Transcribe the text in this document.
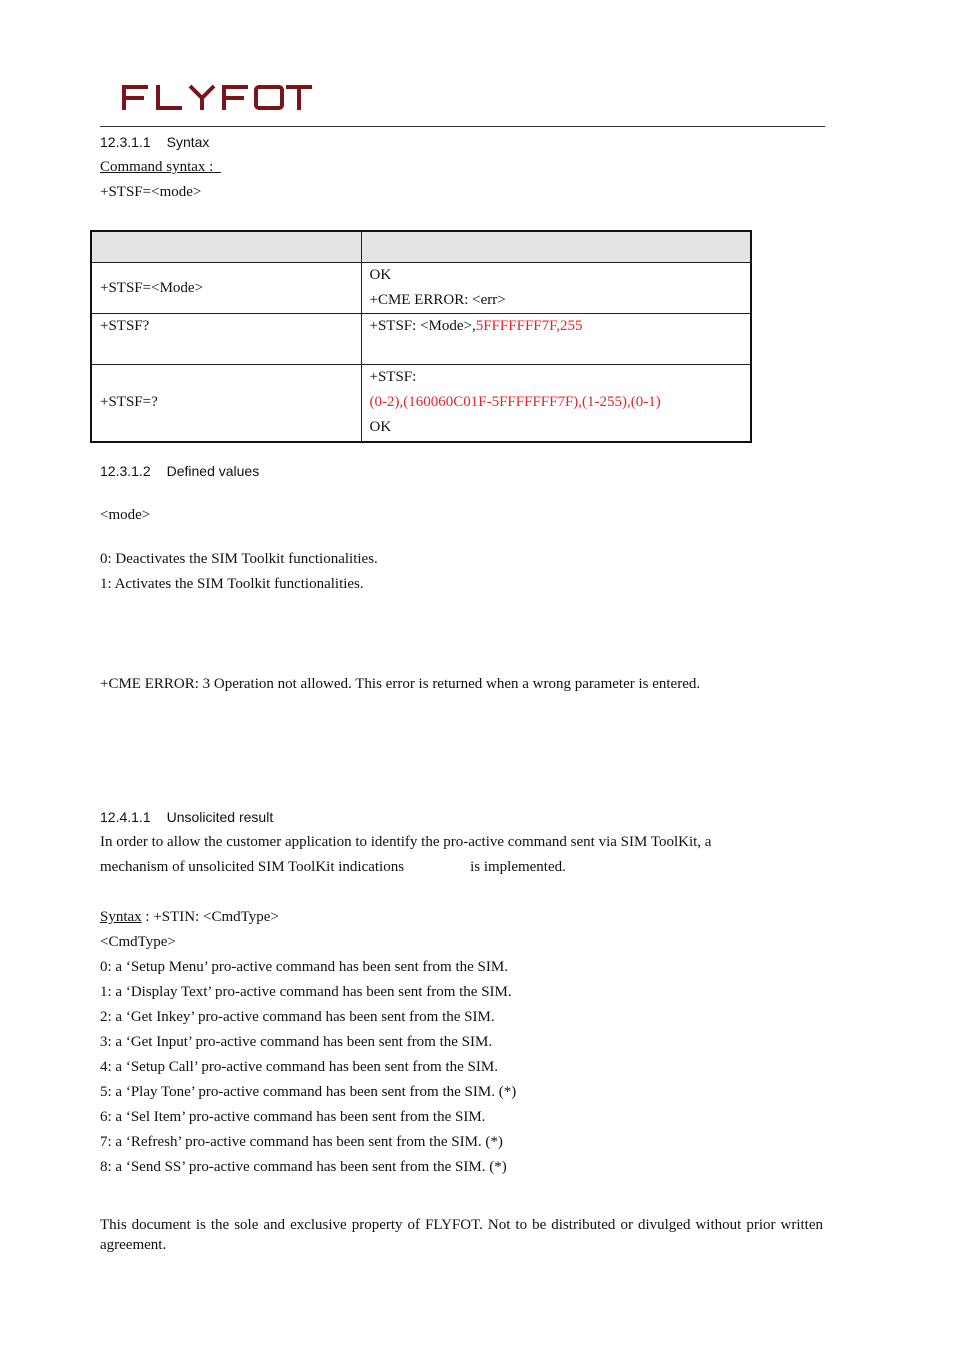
12.3.1.1 Syntax
Command syntax :
+STSF=<mode>

+STSF=<Mode>	OK
+CME ERROR: <err>

+STSF?	+STSF: <Mode>,5FFFFFFF7F,255
+STSF=?	+STSF:
(0-2),(160060C01F-5FFFFFFF7F),(1-255),(0-1)
OK
12.3.1.2 Defined values
<mode>
0: Deactivates the SIM Toolkit functionalities.
1: Activates the SIM Toolkit functionalities.
+CME ERROR: 3 Operation not allowed. This error is returned when a wrong parameter is entered.
12.4.1.1 Unsolicited result
In order to allow the customer application to identify the pro-active command sent via SIM ToolKit, a
mechanism of unsolicited SIM ToolKit indications	is implemented.
Syntax : +STIN: <CmdType>
<CmdType>
0: a ‘Setup Menu’ pro-active command has been sent from the SIM.
1: a ‘Display Text’ pro-active command has been sent from the SIM.
2: a ‘Get Inkey’ pro-active command has been sent from the SIM.
3: a ‘Get Input’ pro-active command has been sent from the SIM.
4: a ‘Setup Call’ pro-active command has been sent from the SIM.
5: a ‘Play Tone’ pro-active command has been sent from the SIM. (*)
6: a ‘Sel Item’ pro-active command has been sent from the SIM.
7: a ‘Refresh’ pro-active command has been sent from the SIM. (*)
8: a ‘Send SS’ pro-active command has been sent from the SIM. (*)
This document is the sole and exclusive property of FLYFOT. Not to be distributed or divulged without prior written agreement.
